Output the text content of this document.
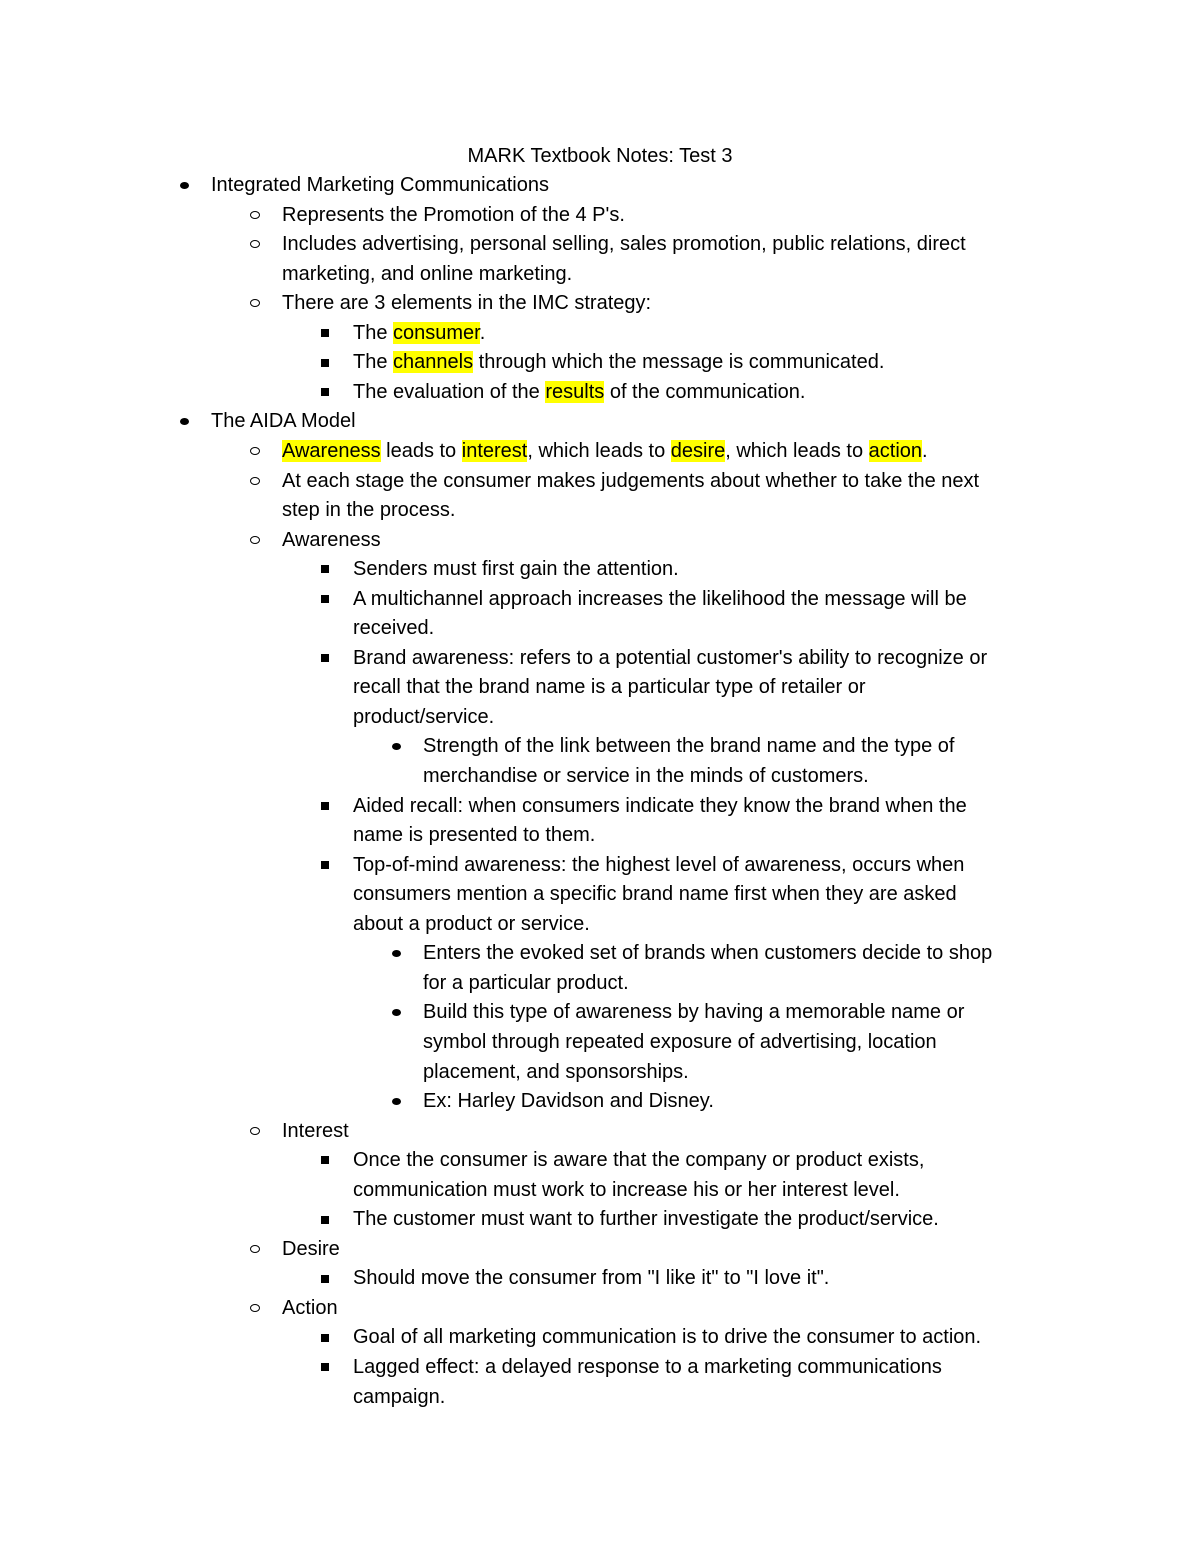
MARK Textbook Notes: Test 3
Integrated Marketing Communications
Represents the Promotion of the 4 P's.
Includes advertising, personal selling, sales promotion, public relations, direct
marketing, and online marketing.
There are 3 elements in the IMC strategy:
The consumer.
The channels through which the message is communicated.
The evaluation of the results of the communication.
The AIDA Model
Awareness leads to interest, which leads to desire, which leads to action.
At each stage the consumer makes judgements about whether to take the next
step in the process.
Awareness
Senders must first gain the attention.
A multichannel approach increases the likelihood the message will be
received.
Brand awareness: refers to a potential customer's ability to recognize or
recall that the brand name is a particular type of retailer or
product/service.
Strength of the link between the brand name and the type of
merchandise or service in the minds of customers.
Aided recall: when consumers indicate they know the brand when the
name is presented to them.
Top-of-mind awareness: the highest level of awareness, occurs when
consumers mention a specific brand name first when they are asked
about a product or service.
Enters the evoked set of brands when customers decide to shop
for a particular product.
Build this type of awareness by having a memorable name or
symbol through repeated exposure of advertising, location
placement, and sponsorships.
Ex: Harley Davidson and Disney.
Interest
Once the consumer is aware that the company or product exists,
communication must work to increase his or her interest level.
The customer must want to further investigate the product/service.
Desire
Should move the consumer from "I like it" to "I love it".
Action
Goal of all marketing communication is to drive the consumer to action.
Lagged effect: a delayed response to a marketing communications
campaign.
